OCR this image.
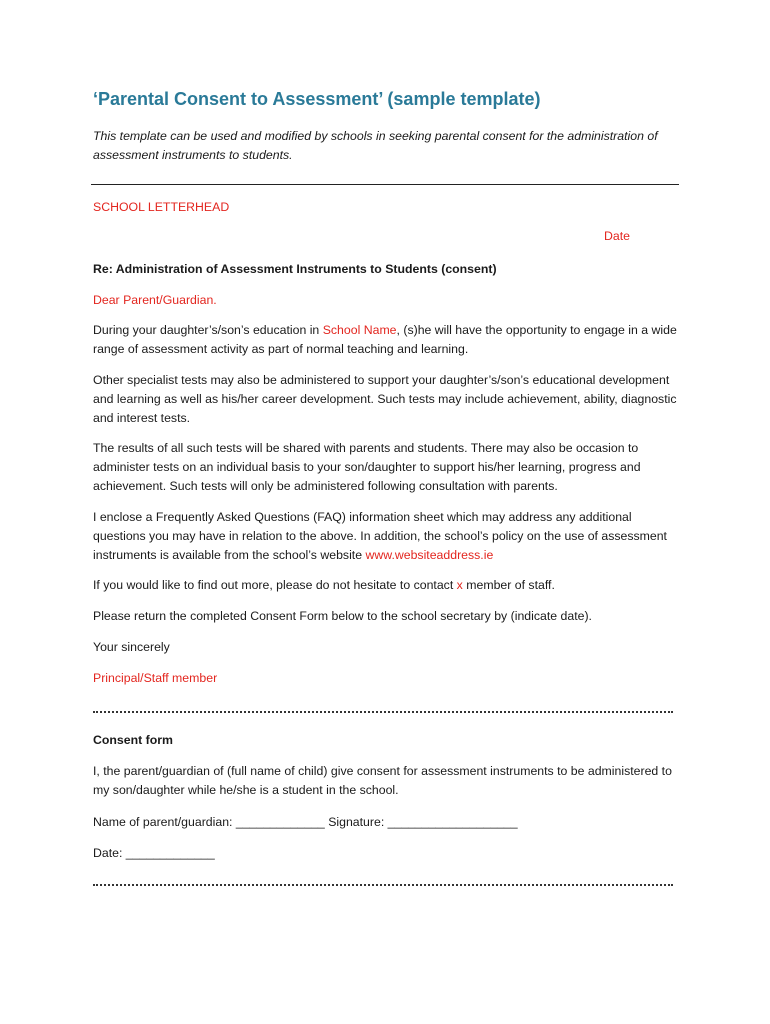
‘Parental Consent to Assessment’ (sample template)
This template can be used and modified by schools in seeking parental consent for the administration of assessment instruments to students.
SCHOOL LETTERHEAD
Date
Re: Administration of Assessment Instruments to Students (consent)
Dear Parent/Guardian.
During your daughter’s/son’s education in School Name, (s)he will have the opportunity to engage in a wide range of assessment activity as part of normal teaching and learning.
Other specialist tests may also be administered to support your daughter’s/son’s educational development and learning as well as his/her career development. Such tests may include achievement, ability, diagnostic and interest tests.
The results of all such tests will be shared with parents and students. There may also be occasion to administer tests on an individual basis to your son/daughter to support his/her learning, progress and achievement. Such tests will only be administered following consultation with parents.
I enclose a Frequently Asked Questions (FAQ) information sheet which may address any additional questions you may have in relation to the above. In addition, the school’s policy on the use of assessment instruments is available from the school’s website www.websiteaddress.ie
If you would like to find out more, please do not hesitate to contact x member of staff.
Please return the completed Consent Form below to the school secretary by (indicate date).
Your sincerely
Principal/Staff member
Consent form
I, the parent/guardian of (full name of child) give consent for assessment instruments to be administered to my son/daughter while he/she is a student in the school.
Name of parent/guardian: _____________ Signature: ___________________
Date: _____________
